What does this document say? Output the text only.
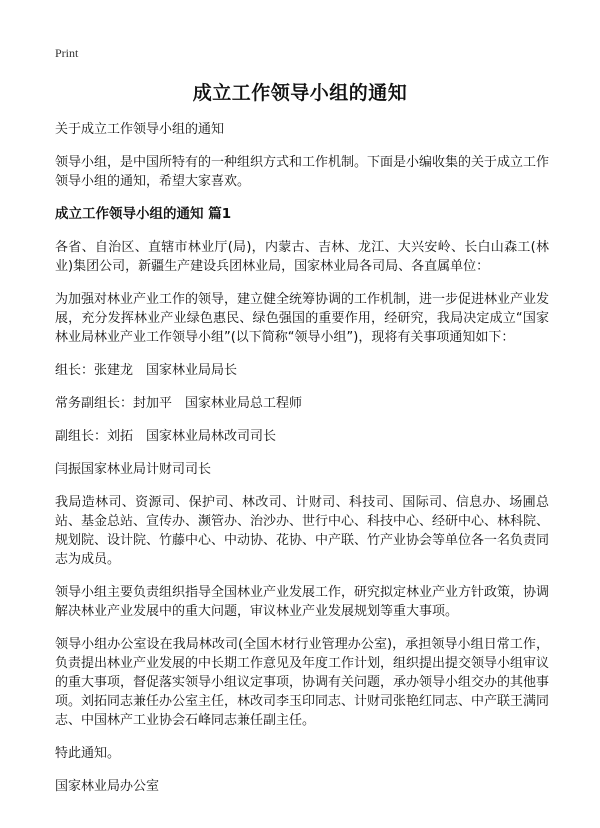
Print
成立工作领导小组的通知

关于成立工作领导小组的通知

领导小组，是中国所特有的一种组织方式和工作机制。下面是小编收集的关于成立工作领导小组的通知，希望大家喜欢。

成立工作领导小组的通知 篇1

各省、自治区、直辖市林业厅(局)，内蒙古、吉林、龙江、大兴安岭、长白山森工(林业)集团公司，新疆生产建设兵团林业局，国家林业局各司局、各直属单位：

为加强对林业产业工作的领导，建立健全统筹协调的工作机制，进一步促进林业产业发展，充分发挥林业产业绿色惠民、绿色强国的重要作用，经研究，我局决定成立“国家林业局林业产业工作领导小组”(以下简称“领导小组”)，现将有关事项通知如下：

组长：张建龙　国家林业局局长

常务副组长：封加平　国家林业局总工程师

副组长：刘拓　国家林业局林改司司长

闫振国家林业局计财司司长

我局造林司、资源司、保护司、林改司、计财司、科技司、国际司、信息办、场圃总站、基金总站、宣传办、濒管办、治沙办、世行中心、科技中心、经研中心、林科院、规划院、设计院、竹藤中心、中动协、花协、中产联、竹产业协会等单位各一名负责同志为成员。

领导小组主要负责组织指导全国林业产业发展工作，研究拟定林业产业方针政策，协调解决林业产业发展中的重大问题，审议林业产业发展规划等重大事项。

领导小组办公室设在我局林改司(全国木材行业管理办公室)，承担领导小组日常工作，负责提出林业产业发展的中长期工作意见及年度工作计划，组织提出提交领导小组审议的重大事项，督促落实领导小组议定事项，协调有关问题，承办领导小组交办的其他事项。刘拓同志兼任办公室主任，林改司李玉印同志、计财司张艳红同志、中产联王满同志、中国林产工业协会石峰同志兼任副主任。

特此通知。

国家林业局办公室
